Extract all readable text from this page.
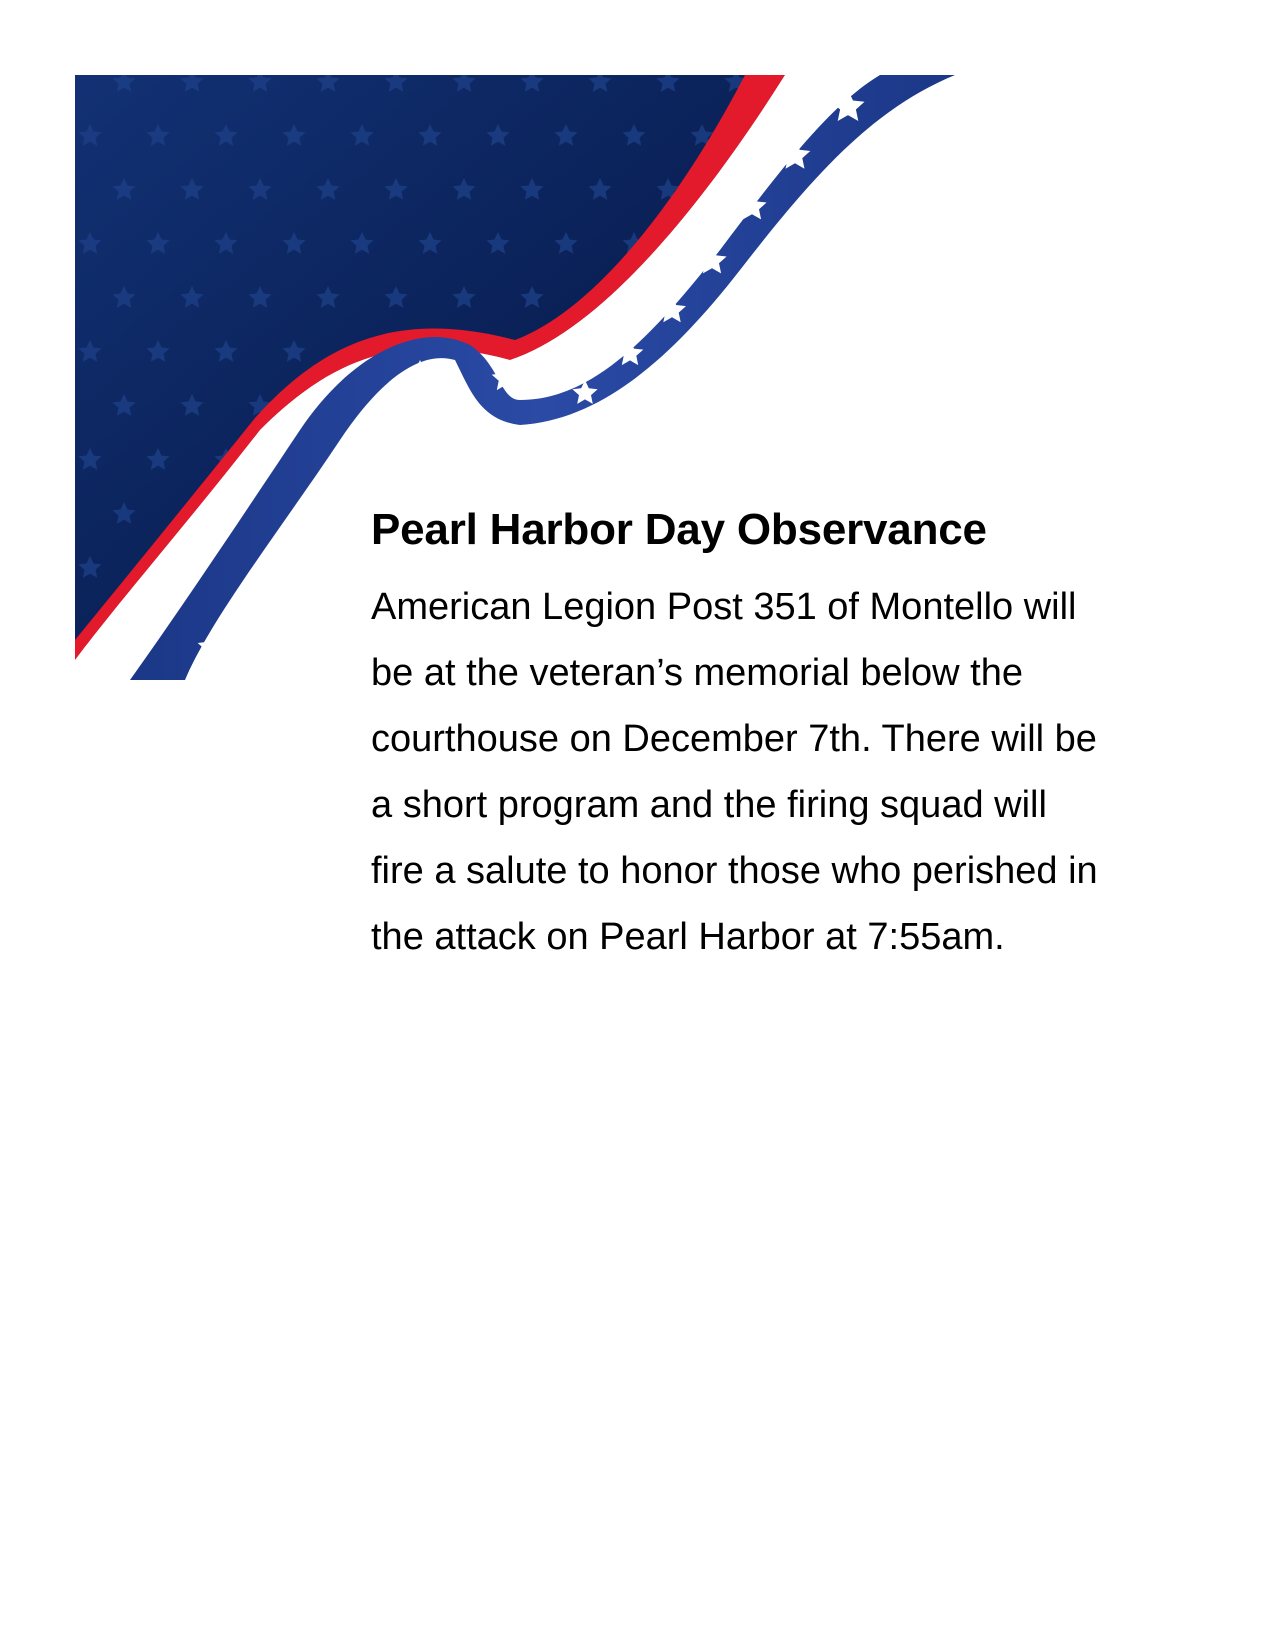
Pearl Harbor Day Observance

American Legion Post 351 of Montello will
be at the veteran’s memorial below the
courthouse on December 7th. There will be
a short program and the firing squad will
fire a salute to honor those who perished in
the attack on Pearl Harbor at 7:55am.
